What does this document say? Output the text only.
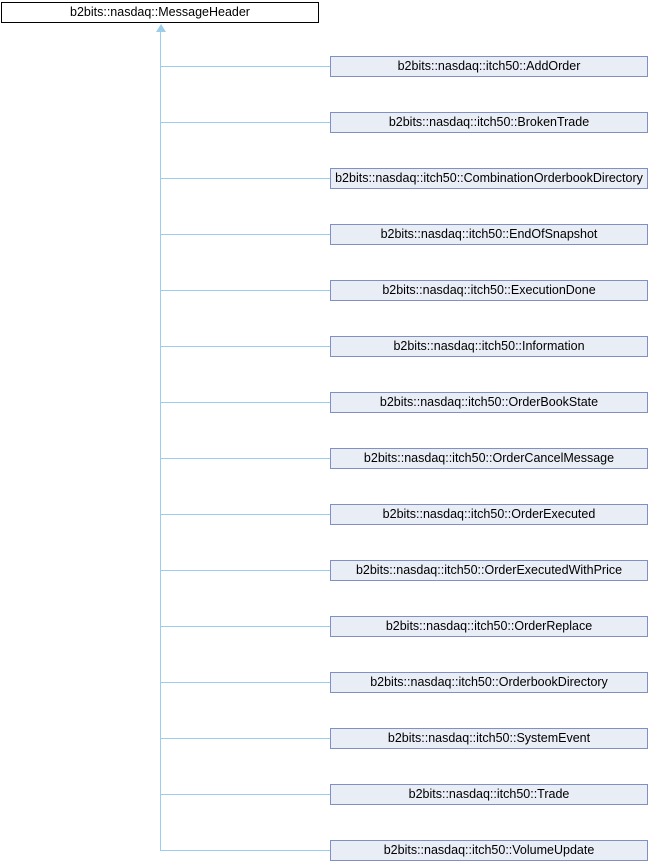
b2bits::nasdaq::MessageHeader
b2bits::nasdaq::itch50::AddOrder
b2bits::nasdaq::itch50::BrokenTrade
b2bits::nasdaq::itch50::CombinationOrderbookDirectory
b2bits::nasdaq::itch50::EndOfSnapshot
b2bits::nasdaq::itch50::ExecutionDone
b2bits::nasdaq::itch50::Information
b2bits::nasdaq::itch50::OrderBookState
b2bits::nasdaq::itch50::OrderCancelMessage
b2bits::nasdaq::itch50::OrderExecuted
b2bits::nasdaq::itch50::OrderExecutedWithPrice
b2bits::nasdaq::itch50::OrderReplace
b2bits::nasdaq::itch50::OrderbookDirectory
b2bits::nasdaq::itch50::SystemEvent
b2bits::nasdaq::itch50::Trade
b2bits::nasdaq::itch50::VolumeUpdate
